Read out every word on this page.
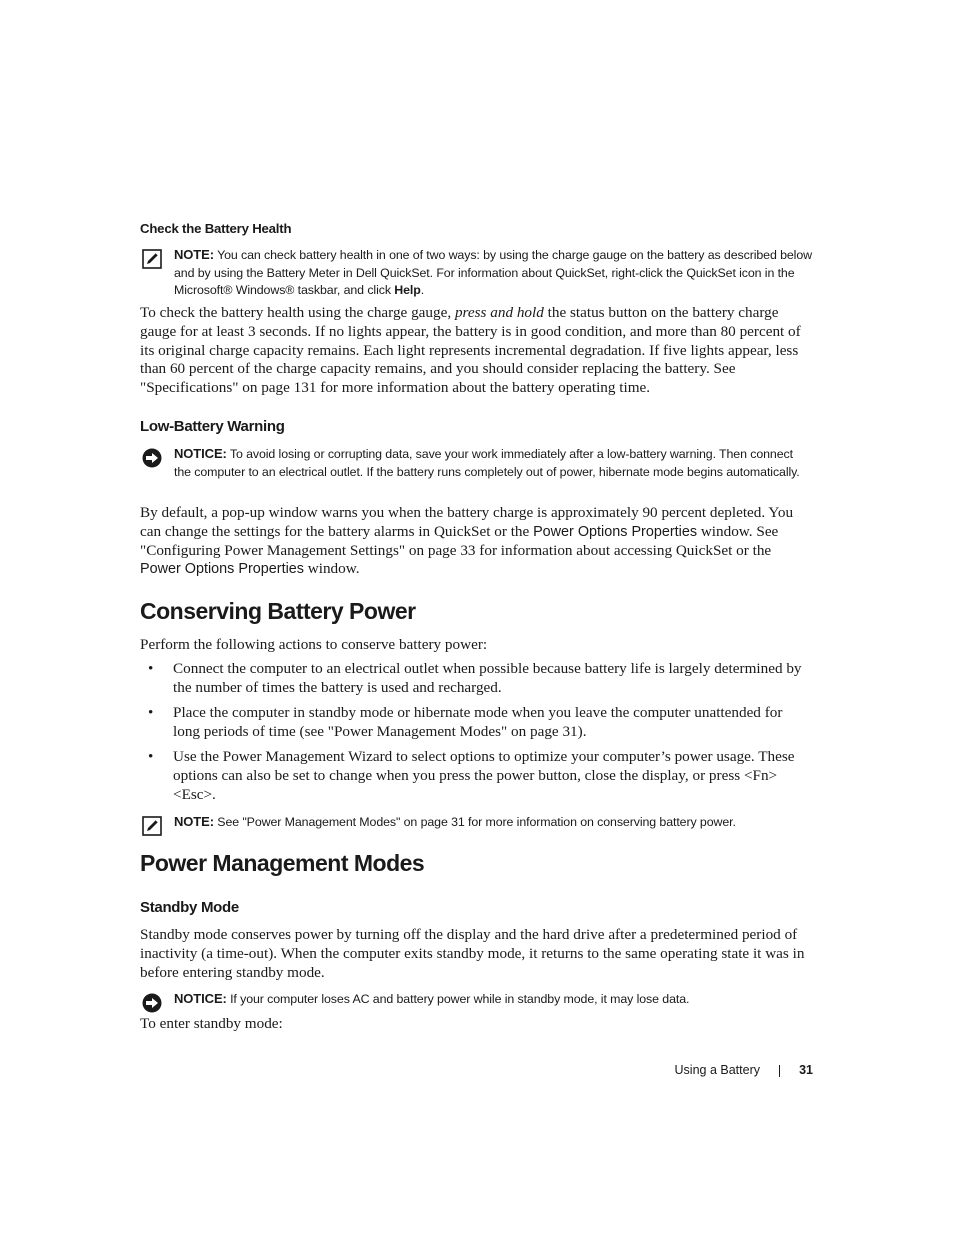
Check the Battery Health
NOTE: You can check battery health in one of two ways: by using the charge gauge on the battery as described below and by using the Battery Meter in Dell QuickSet. For information about QuickSet, right-click the QuickSet icon in the Microsoft® Windows® taskbar, and click Help.

To check the battery health using the charge gauge, press and hold the status button on the battery charge gauge for at least 3 seconds. If no lights appear, the battery is in good condition, and more than 80 percent of its original charge capacity remains. Each light represents incremental degradation. If five lights appear, less than 60 percent of the charge capacity remains, and you should consider replacing the battery. See "Specifications" on page 131 for more information about the battery operating time.

Low-Battery Warning
NOTICE: To avoid losing or corrupting data, save your work immediately after a low-battery warning. Then connect the computer to an electrical outlet. If the battery runs completely out of power, hibernate mode begins automatically.

By default, a pop-up window warns you when the battery charge is approximately 90 percent depleted. You can change the settings for the battery alarms in QuickSet or the Power Options Properties window. See "Configuring Power Management Settings" on page 33 for information about accessing QuickSet or the Power Options Properties window.

Conserving Battery Power

Perform the following actions to conserve battery power:

• Connect the computer to an electrical outlet when possible because battery life is largely determined by the number of times the battery is used and recharged.
• Place the computer in standby mode or hibernate mode when you leave the computer unattended for long periods of time (see "Power Management Modes" on page 31).
• Use the Power Management Wizard to select options to optimize your computer’s power usage. These options can also be set to change when you press the power button, close the display, or press <Fn><Esc>.
NOTE: See "Power Management Modes" on page 31 for more information on conserving battery power.
Power Management Modes
Standby Mode

Standby mode conserves power by turning off the display and the hard drive after a predetermined period of inactivity (a time-out). When the computer exits standby mode, it returns to the same operating state it was in before entering standby mode.

NOTICE: If your computer loses AC and battery power while in standby mode, it may lose data.

To enter standby mode:

Using a Battery	31
